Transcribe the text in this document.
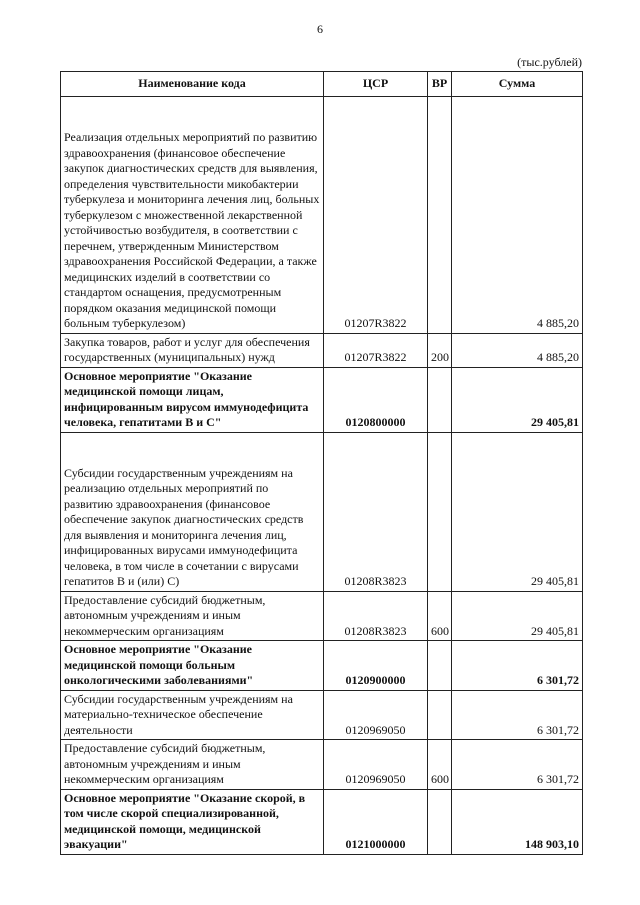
6
(тыс.рублей)
Наименование кода	ЦСР	ВР	Сумма

Реализация отдельных мероприятий по развитию здравоохранения (финансовое обеспечение закупок диагностических средств для выявления, определения чувствительности микобактерии туберкулеза и мониторинга лечения лиц, больных туберкулезом с множественной лекарственной устойчивостью возбудителя, в соответствии с перечнем, утвержденным Министерством здравоохранения Российской Федерации, а также медицинских изделий в соответствии со стандартом оснащения, предусмотренным порядком оказания медицинской помощи больным туберкулезом)	01207R3822		4 885,20
Закупка товаров, работ и услуг для обеспечения государственных (муниципальных) нужд	01207R3822	200	4 885,20
Основное мероприятие "Оказание медицинской помощи лицам, инфицированным вирусом иммунодефицита человека, гепатитами В и С"	0120800000		29 405,81

Субсидии государственным учреждениям на реализацию отдельных мероприятий по развитию здравоохранения (финансовое обеспечение закупок диагностических средств для выявления и мониторинга лечения лиц, инфицированных вирусами иммунодефицита человека, в том числе в сочетании с вирусами гепатитов В и (или) С)	01208R3823		29 405,81
Предоставление субсидий бюджетным, автономным учреждениям и иным некоммерческим организациям	01208R3823	600	29 405,81
Основное мероприятие "Оказание медицинской помощи больным онкологическими заболеваниями"	0120900000		6 301,72
Субсидии государственным учреждениям на материально-техническое обеспечение деятельности	0120969050		6 301,72
Предоставление субсидий бюджетным, автономным учреждениям и иным некоммерческим организациям	0120969050	600	6 301,72
Основное мероприятие "Оказание скорой, в том числе скорой специализированной, медицинской помощи, медицинской эвакуации"	0121000000		148 903,10
